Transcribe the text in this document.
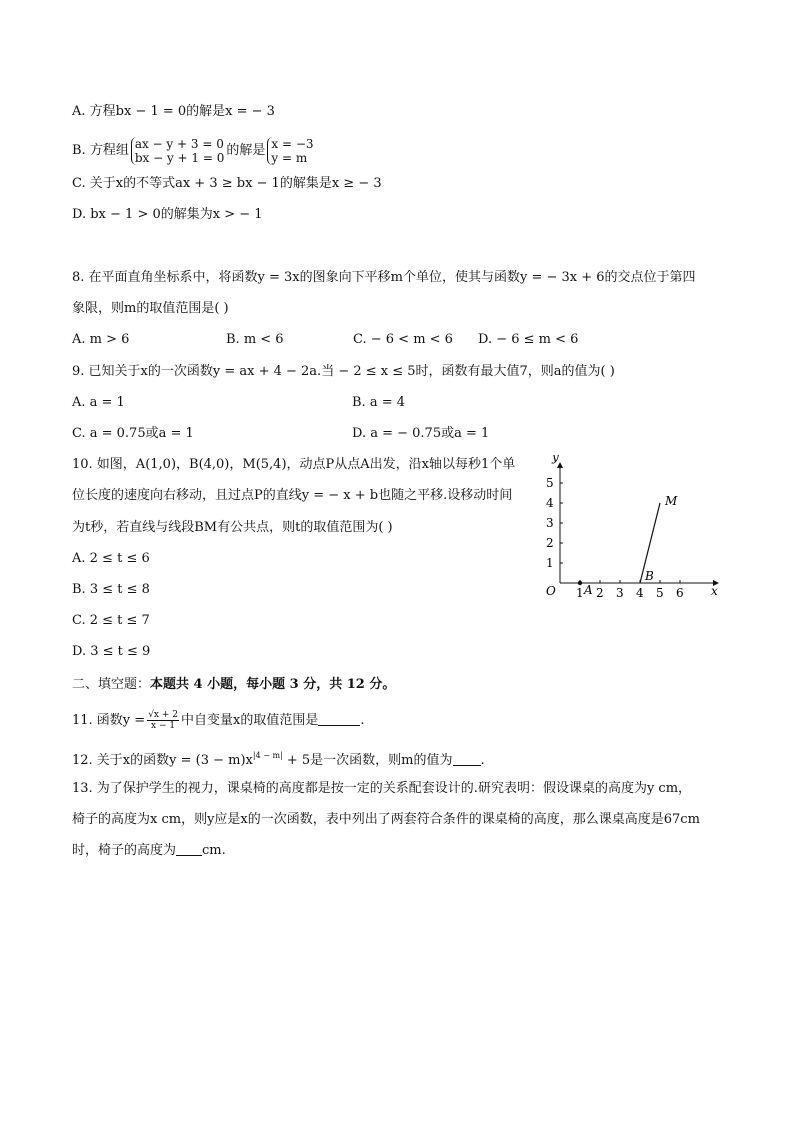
A. 方程bx − 1 = 0的解是x = − 3
B. 方程组 ax − y + 3 = 0
bx − y + 1 = 0 的解是 x = −3
y = m
C. 关于x的不等式ax + 3 ≥ bx − 1的解集是x ≥ − 3
D. bx − 1 > 0的解集为x > − 1
8. 在平面直角坐标系中，将函数y = 3x的图象向下平移m个单位，使其与函数y = − 3x + 6的交点位于第四
象限，则m的取值范围是( )
A. m > 6	B. m < 6	C. − 6 < m < 6 D. − 6 ≤ m < 6
9. 已知关于x的一次函数y = ax + 4 − 2a.当 − 2 ≤ x ≤ 5时，函数有最大值7，则a的值为( )
A. a = 1	B. a = 4
C. a = 0.75或a = 1	D. a = − 0.75或a = 1
10. 如图，A(1,0)，B(4,0)，M(5,4)，动点P从点A出发，沿x轴以每秒1个单
位长度的速度向右移动，且过点P的直线y = − x + b也随之平移.设移动时间
为t秒，若直线与线段BM有公共点，则t的取值范围为( )
A. 2 ≤ t ≤ 6
B. 3 ≤ t ≤ 8
C. 2 ≤ t ≤ 7
D. 3 ≤ t ≤ 9
1 2 3 4 5 6
1
2
3
4
5
y
x
O A
B
M
二、填空题：本题共 4 小题，每小题 3 分，共 12 分。
11. 函数$y = \frac{√x + 2}{x - 1}$ 中自变量x的取值范围是	.
12. 关于x的函数$y = (3 - m)x^{|4 - m|} + 5$是一次函数，则m的值为 .
13. 为了保护学生的视力，课桌椅的高度都是按一定的关系配套设计的.研究表明：假设课桌的高度为y cm，
椅子的高度为x cm，则y应是x的一次函数，表中列出了两套符合条件的课桌椅的高度，那么课桌高度是67cm
时，椅子的高度为 cm.
